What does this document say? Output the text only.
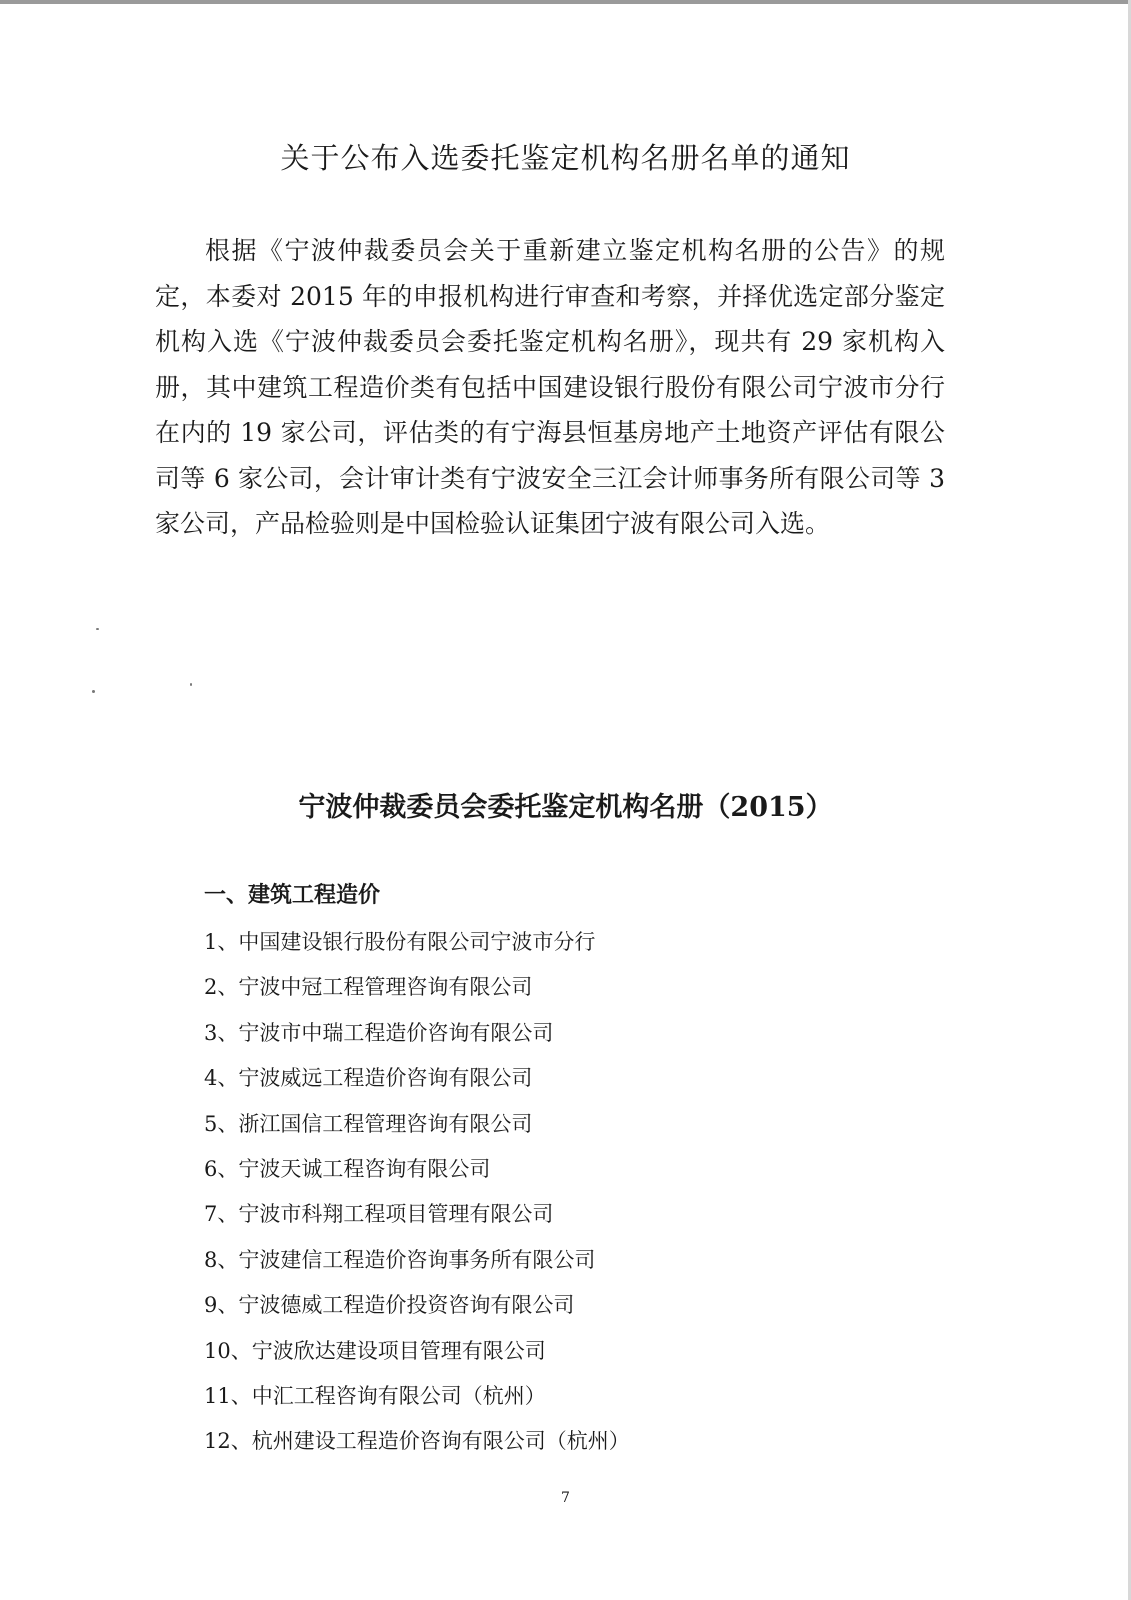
关于公布入选委托鉴定机构名册名单的通知

根据《宁波仲裁委员会关于重新建立鉴定机构名册的公告》的规定，本委对 2015 年的申报机构进行审查和考察，并择优选定部分鉴定机构入选《宁波仲裁委员会委托鉴定机构名册》，现共有 29 家机构入册，其中建筑工程造价类有包括中国建设银行股份有限公司宁波市分行在内的 19 家公司，评估类的有宁海县恒基房地产土地资产评估有限公司等 6 家公司，会计审计类有宁波安全三江会计师事务所有限公司等 3 家公司，产品检验则是中国检验认证集团宁波有限公司入选。

宁波仲裁委员会委托鉴定机构名册（2015）
一、建筑工程造价
1、中国建设银行股份有限公司宁波市分行
2、宁波中冠工程管理咨询有限公司
3、宁波市中瑞工程造价咨询有限公司
4、宁波威远工程造价咨询有限公司
5、浙江国信工程管理咨询有限公司
6、宁波天诚工程咨询有限公司
7、宁波市科翔工程项目管理有限公司
8、宁波建信工程造价咨询事务所有限公司
9、宁波德威工程造价投资咨询有限公司
10、宁波欣达建设项目管理有限公司
11、中汇工程咨询有限公司（杭州）
12、杭州建设工程造价咨询有限公司（杭州）
7
